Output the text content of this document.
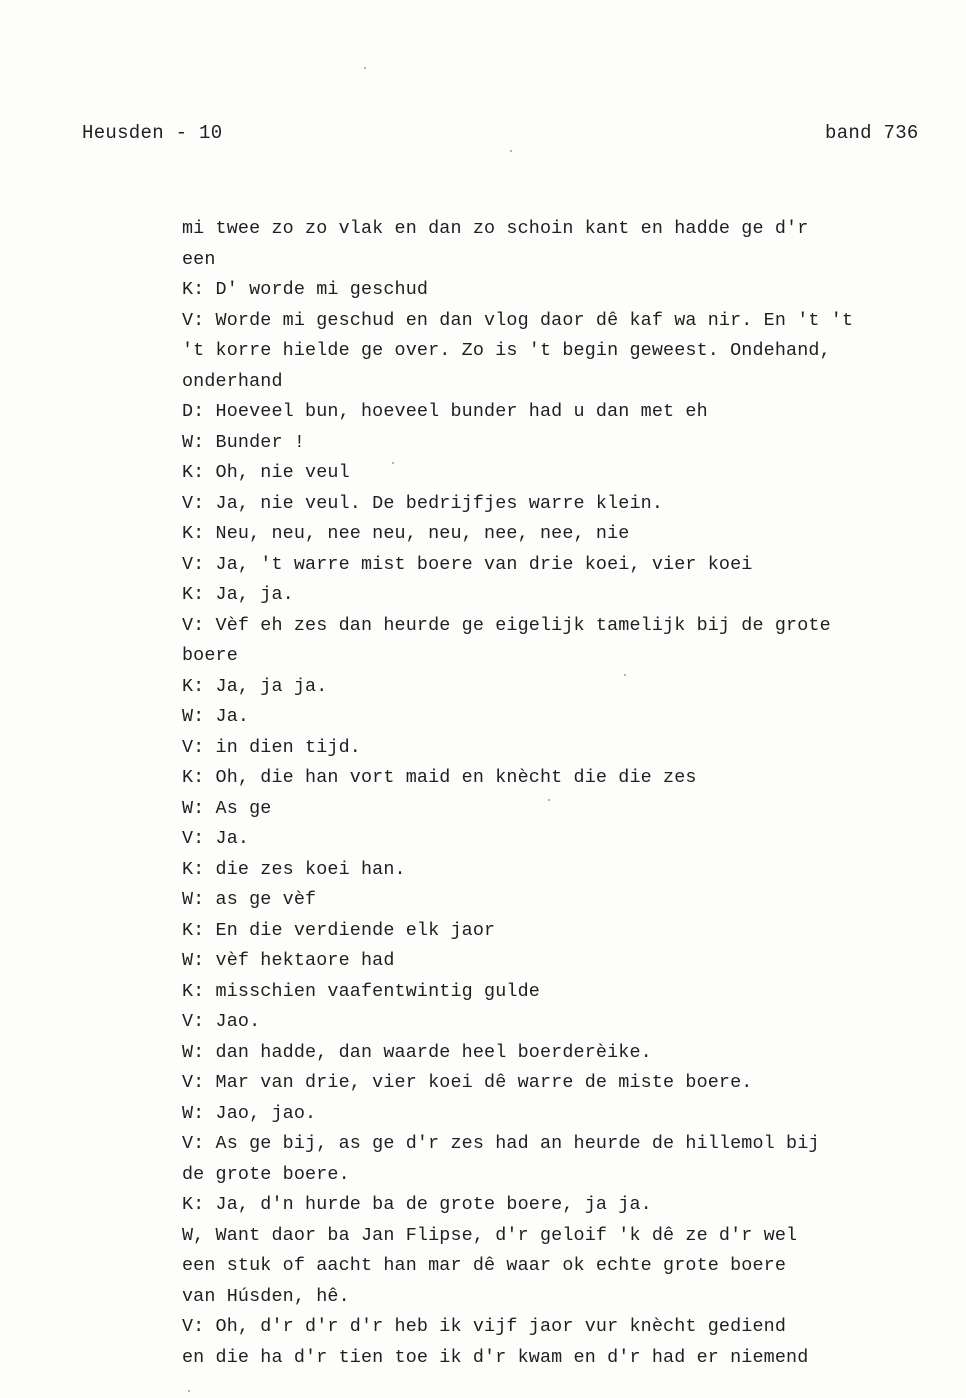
Heusden - 10	band 736
mi twee zo zo vlak en dan zo schoin kant en hadde ge d'r
een
K: D' worde mi geschud
V: Worde mi geschud en dan vlog daor dê kaf wa nir. En 't 't
't korre hielde ge over. Zo is 't begin geweest. Ondehand,
onderhand
D: Hoeveel bun, hoeveel bunder had u dan met eh
W: Bunder !
K: Oh, nie veul
V: Ja, nie veul. De bedrijfjes warre klein.
K: Neu, neu, nee neu, neu, nee, nee, nie
V: Ja, 't warre mist boere van drie koei, vier koei
K: Ja, ja.
V: Vèf eh zes dan heurde ge eigelijk tamelijk bij de grote
boere
K: Ja, ja ja.
W: Ja.
V: in dien tijd.
K: Oh, die han vort maid en knècht die die zes
W: As ge
V: Ja.
K: die zes koei han.
W: as ge vèf
K: En die verdiende elk jaor
W: vèf hektaore had
K: misschien vaafentwintig gulde
V: Jao.
W: dan hadde, dan waarde heel boerderèike.
V: Mar van drie, vier koei dê warre de miste boere.
W: Jao, jao.
V: As ge bij, as ge d'r zes had an heurde de hillemol bij
de grote boere.
K: Ja, d'n hurde ba de grote boere, ja ja.
W, Want daor ba Jan Flipse, d'r geloif 'k dê ze d'r wel
een stuk of aacht han mar dê waar ok echte grote boere
van Húsden, hê.
V: Oh, d'r d'r d'r heb ik vijf jaor vur knècht gediend
en die ha d'r tien toe ik d'r kwam en d'r had er niemend
